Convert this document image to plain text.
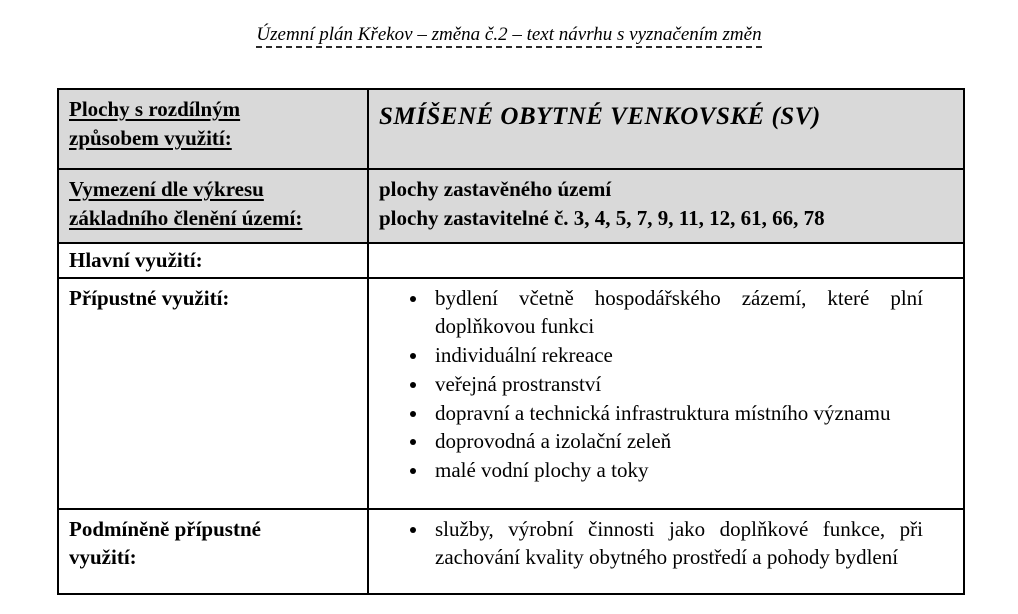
Územní plán Křekov – změna č.2 – text návrhu s vyznačením změn
Plochy s rozdílným způsobem využití:	SMÍŠENÉ OBYTNÉ VENKOVSKÉ (SV)

Vymezení dle výkresu základního členění území:	plochy zastavěného území
plochy zastavitelné č. 3, 4, 5, 7, 9, 11, 12, 61, 66, 78

Hlavní využití:	

Přípustné využití:

•bydlení včetně hospodářského zázemí, které plní doplňkovou funkci
• individuální rekreace
• veřejná prostranství
• dopravní a technická infrastruktura místního významu
• doprovodná a izolační zeleň
• malé vodní plochy a toky

Podmíněně přípustné využití:

• služby, výrobní činnosti jako doplňkové funkce, při zachování kvality obytného prostředí a pohody bydlení
